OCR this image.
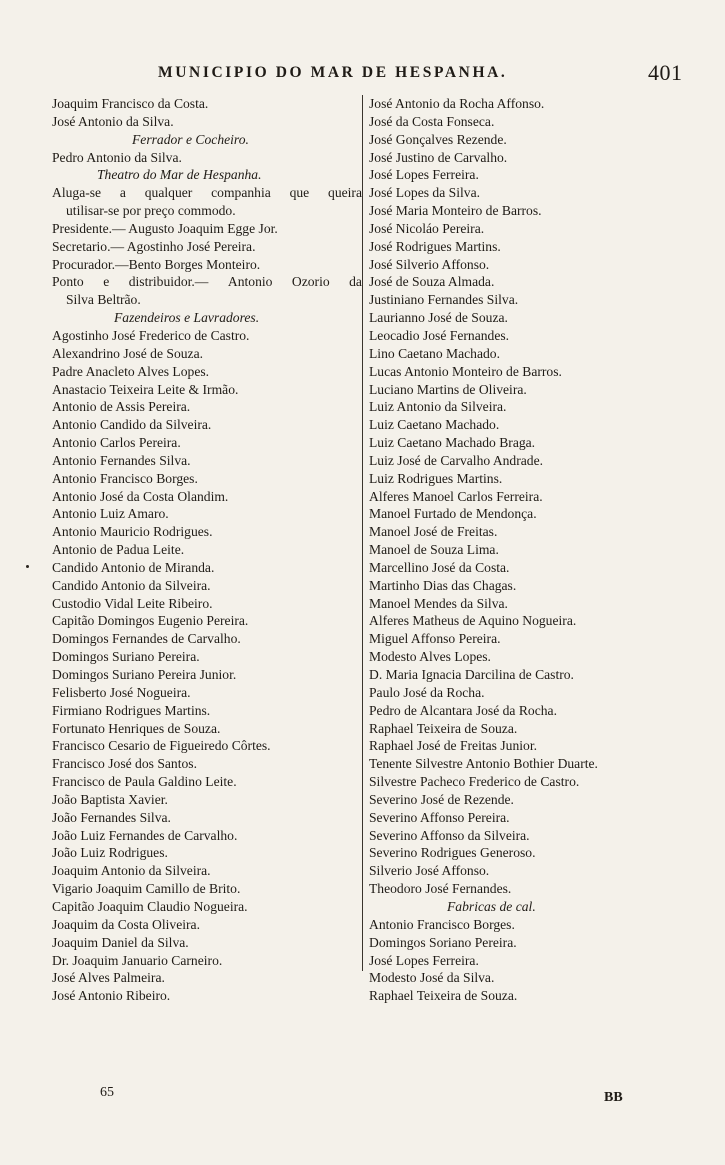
MUNICIPIO DO MAR DE HESPANHA.	401
Joaquim Francisco da Costa.
José Antonio da Silva.
Ferrador e Cocheiro.
Pedro Antonio da Silva.
Theatro do Mar de Hespanha.
Aluga-se a qualquer companhia que queira
utilisar-se por preço commodo.
Presidente.— Augusto Joaquim Egge Jor.
Secretario.— Agostinho José Pereira.
Procurador.—Bento Borges Monteiro.
Ponto e distribuidor.— Antonio Ozorio da
Silva Beltrão.
Fazendeiros e Lavradores.
Agostinho José Frederico de Castro.
Alexandrino José de Souza.
Padre Anacleto Alves Lopes.
Anastacio Teixeira Leite & Irmão.
Antonio de Assis Pereira.
Antonio Candido da Silveira.
Antonio Carlos Pereira.
Antonio Fernandes Silva.
Antonio Francisco Borges.
Antonio José da Costa Olandim.
Antonio Luiz Amaro.
Antonio Mauricio Rodrigues.
Antonio de Padua Leite.
Candido Antonio de Miranda.
Candido Antonio da Silveira.
Custodio Vidal Leite Ribeiro.
Capitão Domingos Eugenio Pereira.
Domingos Fernandes de Carvalho.
Domingos Suriano Pereira.
Domingos Suriano Pereira Junior.
Felisberto José Nogueira.
Firmiano Rodrigues Martins.
Fortunato Henriques de Souza.
Francisco Cesario de Figueiredo Côrtes.
Francisco José dos Santos.
Francisco de Paula Galdino Leite.
João Baptista Xavier.
João Fernandes Silva.
João Luiz Fernandes de Carvalho.
João Luiz Rodrigues.
Joaquim Antonio da Silveira.
Vigario Joaquim Camillo de Brito.
Capitão Joaquim Claudio Nogueira.
Joaquim da Costa Oliveira.
Joaquim Daniel da Silva.
Dr. Joaquim Januario Carneiro.
José Alves Palmeira.
José Antonio Ribeiro.
José Antonio da Rocha Affonso.
José da Costa Fonseca.
José Gonçalves Rezende.
José Justino de Carvalho.
José Lopes Ferreira.
José Lopes da Silva.
José Maria Monteiro de Barros.
José Nicoláo Pereira.
José Rodrigues Martins.
José Silverio Affonso.
José de Souza Almada.
Justiniano Fernandes Silva.
Laurianno José de Souza.
Leocadio José Fernandes.
Lino Caetano Machado.
Lucas Antonio Monteiro de Barros.
Luciano Martins de Oliveira.
Luiz Antonio da Silveira.
Luiz Caetano Machado.
Luiz Caetano Machado Braga.
Luiz José de Carvalho Andrade.
Luiz Rodrigues Martins.
Alferes Manoel Carlos Ferreira.
Manoel Furtado de Mendonça.
Manoel José de Freitas.
Manoel de Souza Lima.
Marcellino José da Costa.
Martinho Dias das Chagas.
Manoel Mendes da Silva.
Alferes Matheus de Aquino Nogueira.
Miguel Affonso Pereira.
Modesto Alves Lopes.
D. Maria Ignacia Darcilina de Castro.
Paulo José da Rocha.
Pedro de Alcantara José da Rocha.
Raphael Teixeira de Souza.
Raphael José de Freitas Junior.
Tenente Silvestre Antonio Bothier Duarte.
Silvestre Pacheco Frederico de Castro.
Severino José de Rezende.
Severino Affonso Pereira.
Severino Affonso da Silveira.
Severino Rodrigues Generoso.
Silverio José Affonso.
Theodoro José Fernandes.
Fabricas de cal.
Antonio Francisco Borges.
Domingos Soriano Pereira.
José Lopes Ferreira.
Modesto José da Silva.
Raphael Teixeira de Souza.
65	BB
